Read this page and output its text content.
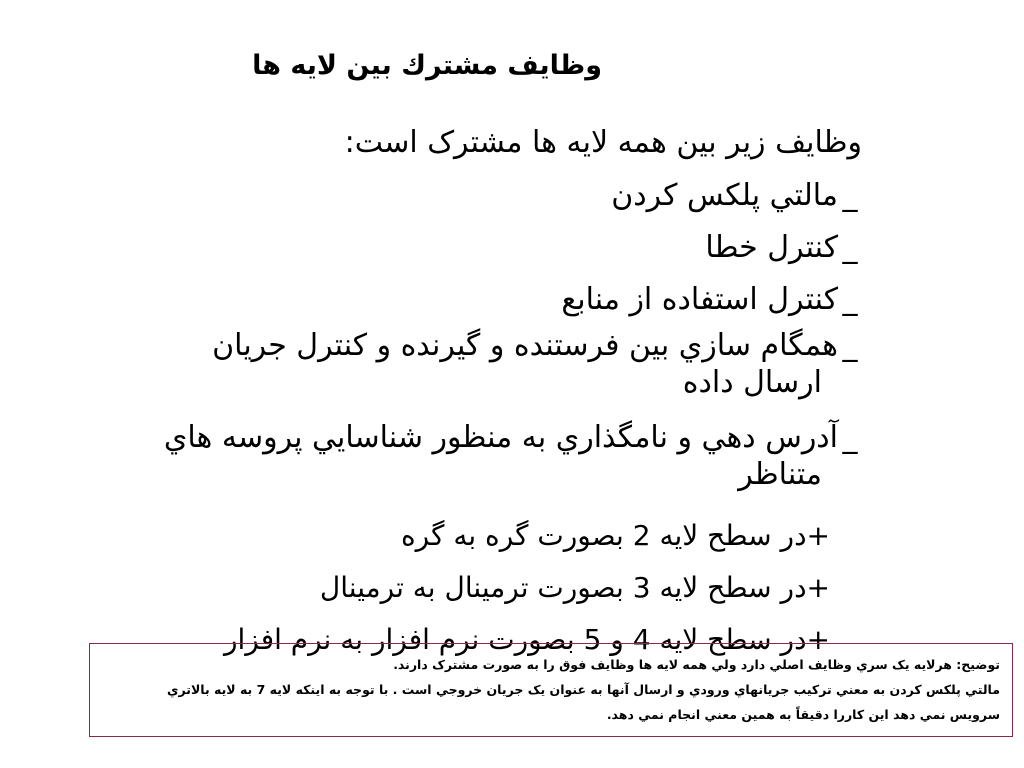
وظايف مشترك بين لايه ها
وظايف زير بين همه لايه ها مشترک است:
_مالتي پلکس کردن
_کنترل خطا
_کنترل استفاده از منابع
_همگام سازي بين فرستنده و گيرنده و کنترل جريان
ارسال داده
_آدرس دهي و نامگذاري به منظور شناسايي پروسه هاي
متناظر
+در سطح لايه 2 بصورت گره به گره
+در سطح لايه 3 بصورت ترمينال به ترمينال
+در سطح لايه 4 و 5 بصورت نرم افزار به نرم افزار
توضيح: هرلايه يک سري وظايف اصلي دارد ولي همه لايه ها وظايف فوق را به صورت مشترک دارند.
مالتي پلکس کردن به معني ترکيب جريانهاي ورودي و ارسال آنها به عنوان يک جريان خروجي است . با توجه به اينکه لايه 7 به لايه بالاتري
سرويس نمي دهد اين کاررا دقيقاً به همين معني انجام نمي دهد.
